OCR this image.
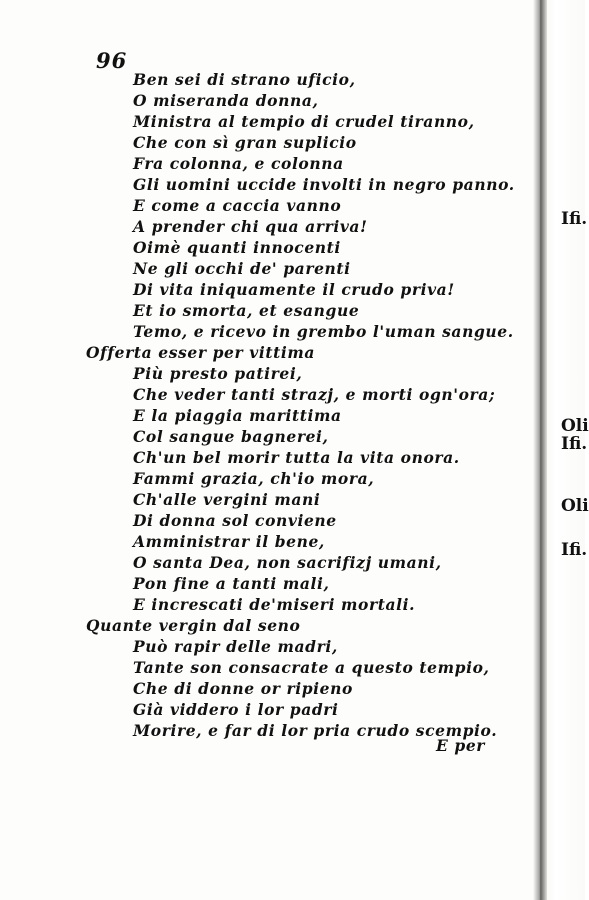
96
Ben sei di strano uficio,
O miseranda donna,
Ministra al tempio di crudel tiranno,
Che con sì gran suplicio
Fra colonna, e colonna
Gli uomini uccide involti in negro panno.
E come a caccia vanno
A prender chi qua arriva!
Oimè quanti innocenti
Ne gli occhi de' parenti
Di vita iniquamente il crudo priva!
Et io smorta, et esangue
Temo, e ricevo in grembo l'uman sangue.
Offerta esser per vittima
Più presto patirei,
Che veder tanti strazj, e morti ogn'ora;
E la piaggia marittima
Col sangue bagnerei,
Ch'un bel morir tutta la vita onora.
Fammi grazia, ch'io mora,
Ch'alle vergini mani
Di donna sol conviene
Amministrar il bene,
O santa Dea, non sacrifizj umani,
Pon fine a tanti mali,
E increscati de'miseri mortali.
Quante vergin dal seno
Può rapir delle madri,
Tante son consacrate a questo tempio,
Che di donne or ripieno
Già viddero i lor padri
Morire, e far di lor pria crudo scempio.
E per
Ifi.
Oli
Ifi.
Oli
Ifi.
